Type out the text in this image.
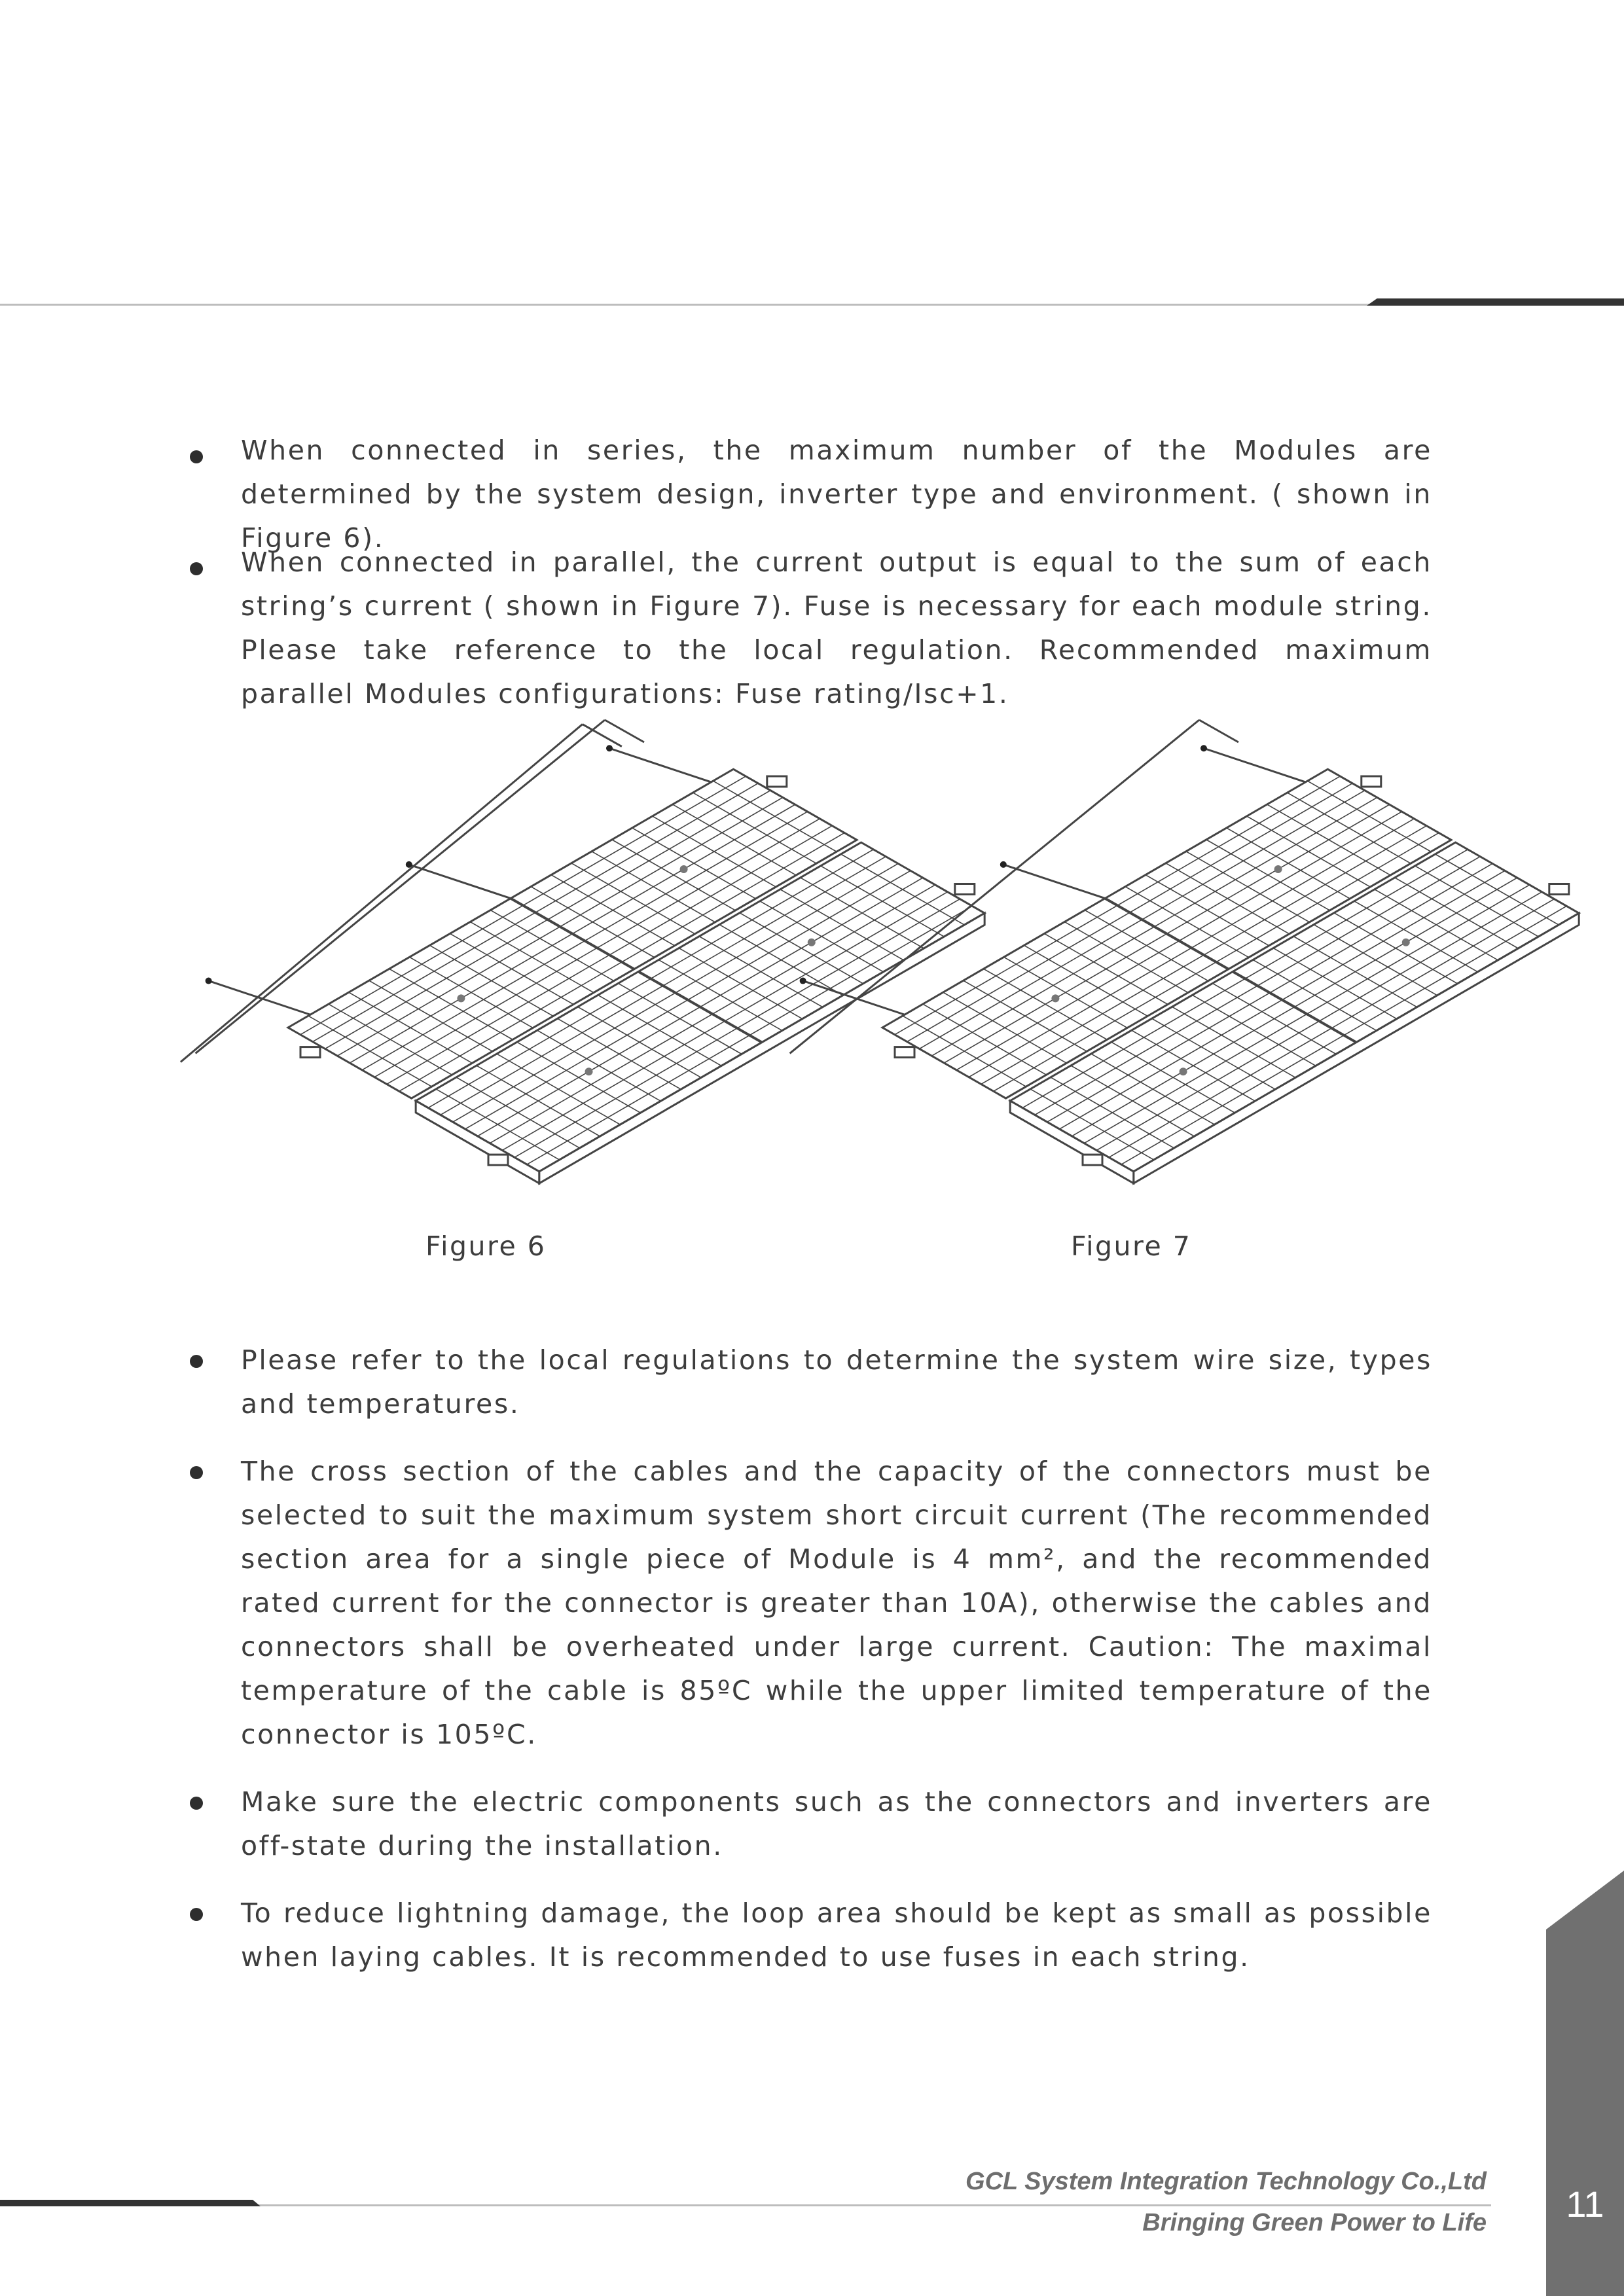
When connected in series, the maximum number of the Modules are determined by the system design, inverter type and environment. ( shown in Figure 6).
When connected in parallel, the current output is equal to the sum of each string’s current ( shown in Figure 7). Fuse is necessary for each module string. Please take reference to the local regulation. Recommended maximum parallel Modules configurations: Fuse rating/Isc+1.
Figure 6	Figure 7
Please refer to the local regulations to determine the system wire size, types and temperatures.
The cross section of the cables and the capacity of the connectors must be selected to suit the maximum system short circuit current (The recommended section area for a single piece of Module is 4 mm², and the recommended rated current for the connector is greater than 10A), otherwise the cables and connectors shall be overheated under large current. Caution: The maximal temperature of the cable is 85ºC while the upper limited temperature of the connector is 105ºC.
Make sure the electric components such as the connectors and inverters are off-state during the installation.
To reduce lightning damage, the loop area should be kept as small as possible when laying cables. It is recommended to use fuses in each string.
GCL System Integration Technology Co.,Ltd
Bringing Green Power to Life	11
